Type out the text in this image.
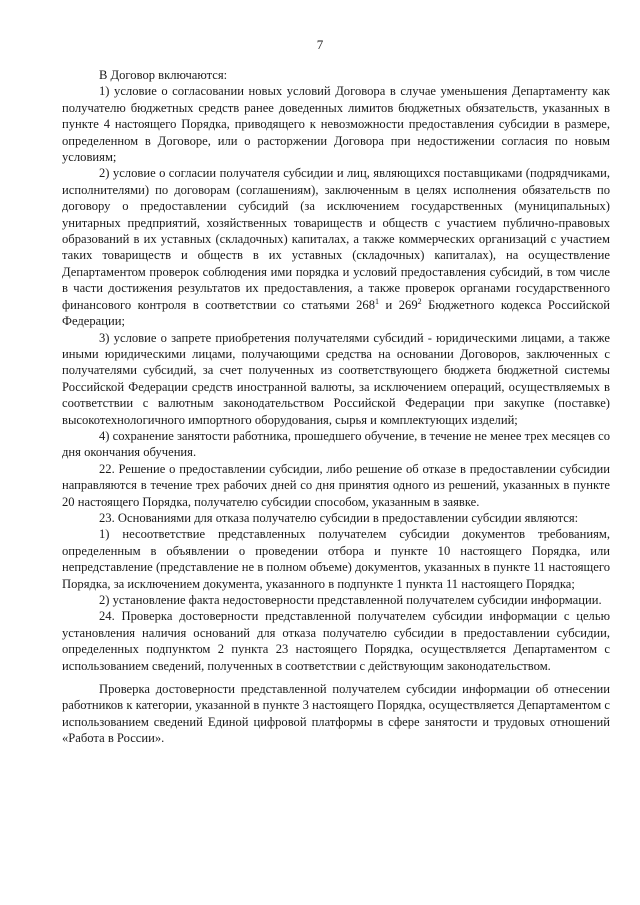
7

В Договор включаются:

1) условие о согласовании новых условий Договора в случае уменьшения Департаменту как получателю бюджетных средств ранее доведенных лимитов бюджетных обязательств, указанных в пункте 4 настоящего Порядка, приводящего к невозможности предоставления субсидии в размере, определенном в Договоре, или о расторжении Договора при недостижении согласия по новым условиям;

2) условие о согласии получателя субсидии и лиц, являющихся поставщиками (подрядчиками, исполнителями) по договорам (соглашениям), заключенным в целях исполнения обязательств по договору о предоставлении субсидий (за исключением государственных (муниципальных) унитарных предприятий, хозяйственных товариществ и обществ с участием публично-правовых образований в их уставных (складочных) капиталах, а также коммерческих организаций с участием таких товариществ и обществ в их уставных (складочных) капиталах), на осуществление Департаментом проверок соблюдения ими порядка и условий предоставления субсидий, в том числе в части достижения результатов их предоставления, а также проверок органами государственного финансового контроля в соответствии со статьями $268^1$ и $269^2$ Бюджетного кодекса Российской Федерации;

3) условие о запрете приобретения получателями субсидий - юридическими лицами, а также иными юридическими лицами, получающими средства на основании Договоров, заключенных с получателями субсидий, за счет полученных из соответствующего бюджета бюджетной системы Российской Федерации средств иностранной валюты, за исключением операций, осуществляемых в соответствии с валютным законодательством Российской Федерации при закупке (поставке) высокотехнологичного импортного оборудования, сырья и комплектующих изделий;

4) сохранение занятости работника, прошедшего обучение, в течение не менее трех месяцев со дня окончания обучения.

22. Решение о предоставлении субсидии, либо решение об отказе в предоставлении субсидии направляются в течение трех рабочих дней со дня принятия одного из решений, указанных в пункте 20 настоящего Порядка, получателю субсидии способом, указанным в заявке.

23. Основаниями для отказа получателю субсидии в предоставлении субсидии являются:

1) несоответствие представленных получателем субсидии документов требованиям, определенным в объявлении о проведении отбора и пункте 10 настоящего Порядка, или непредставление (представление не в полном объеме) документов, указанных в пункте 11 настоящего Порядка, за исключением документа, указанного в подпункте 1 пункта 11 настоящего Порядка;

2) установление факта недостоверности представленной получателем субсидии информации.

24. Проверка достоверности представленной получателем субсидии информации с целью установления наличия оснований для отказа получателю субсидии в предоставлении субсидии, определенных подпунктом 2 пункта 23 настоящего Порядка, осуществляется Департаментом с использованием сведений, полученных в соответствии с действующим законодательством.

Проверка достоверности представленной получателем субсидии информации об отнесении работников к категории, указанной в пункте 3 настоящего Порядка, осуществляется Департаментом с использованием сведений Единой цифровой платформы в сфере занятости и трудовых отношений «Работа в России».
